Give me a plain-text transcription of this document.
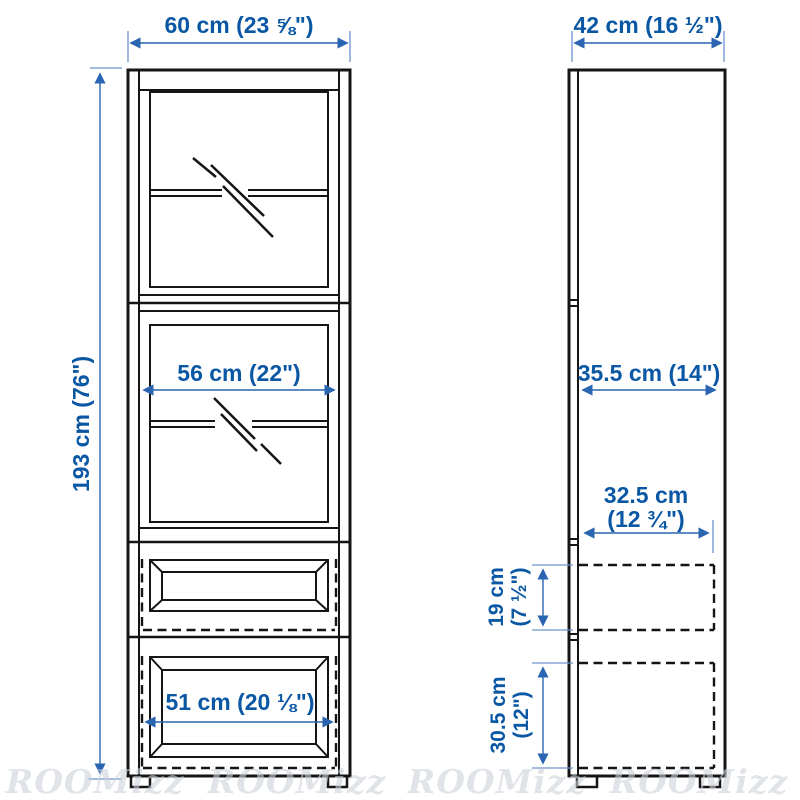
60 cm (23 ⅝")	42 cm (16 ½")
193 cm (76")	56 cm (22")	35.5 cm (14")
32.5 cm
(12 ¾")
19 cm (7 ½")
30.5 cm (12")
51 cm (20 ⅛")
ROOMizz ROOMizz ROOMizz ROOMizz
